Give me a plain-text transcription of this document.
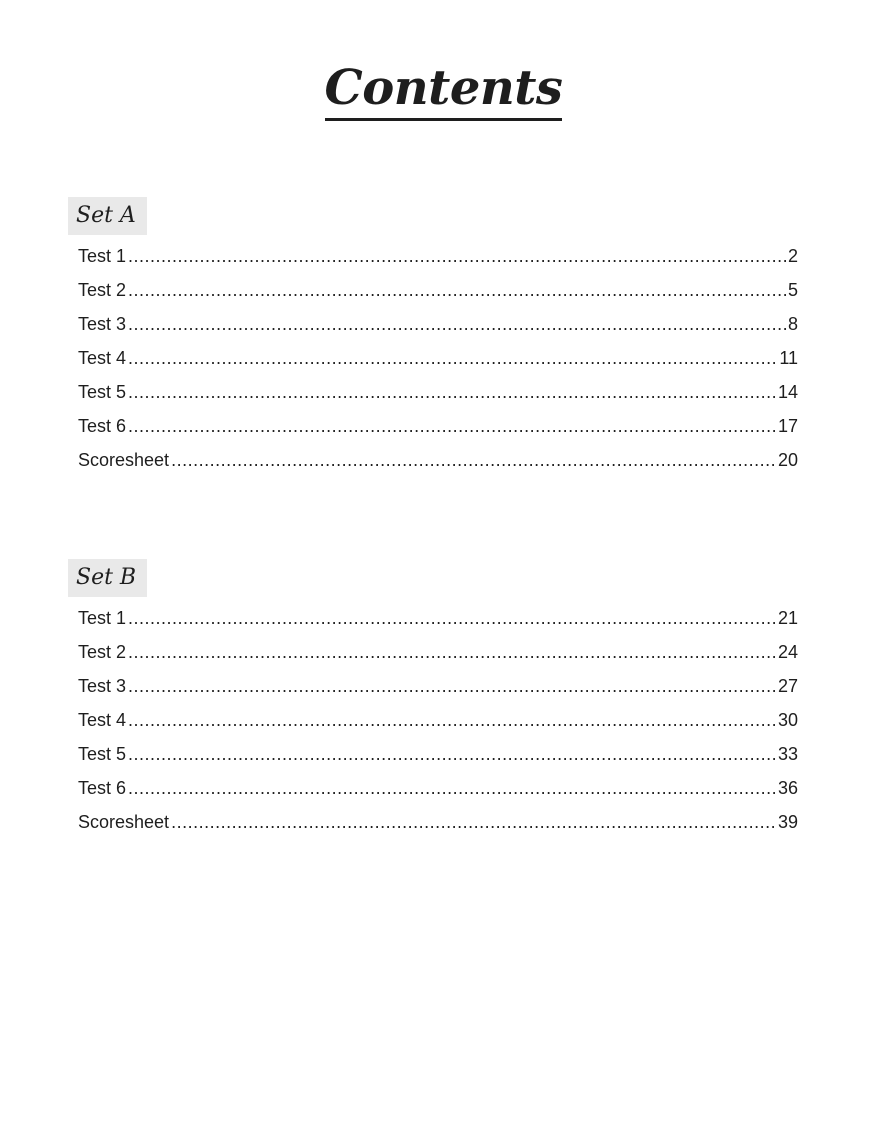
Contents
Set A
Test 1 .....	2
Test 2 .....	5
Test 3 .....	8
Test 4 .....	11
Test 5 .....	14
Test 6 .....	17
Scoresheet .....	20
Set B
Test 1 .....	21
Test 2 .....	24
Test 3 .....	27
Test 4 .....	30
Test 5 .....	33
Test 6 .....	36
Scoresheet .....	39
